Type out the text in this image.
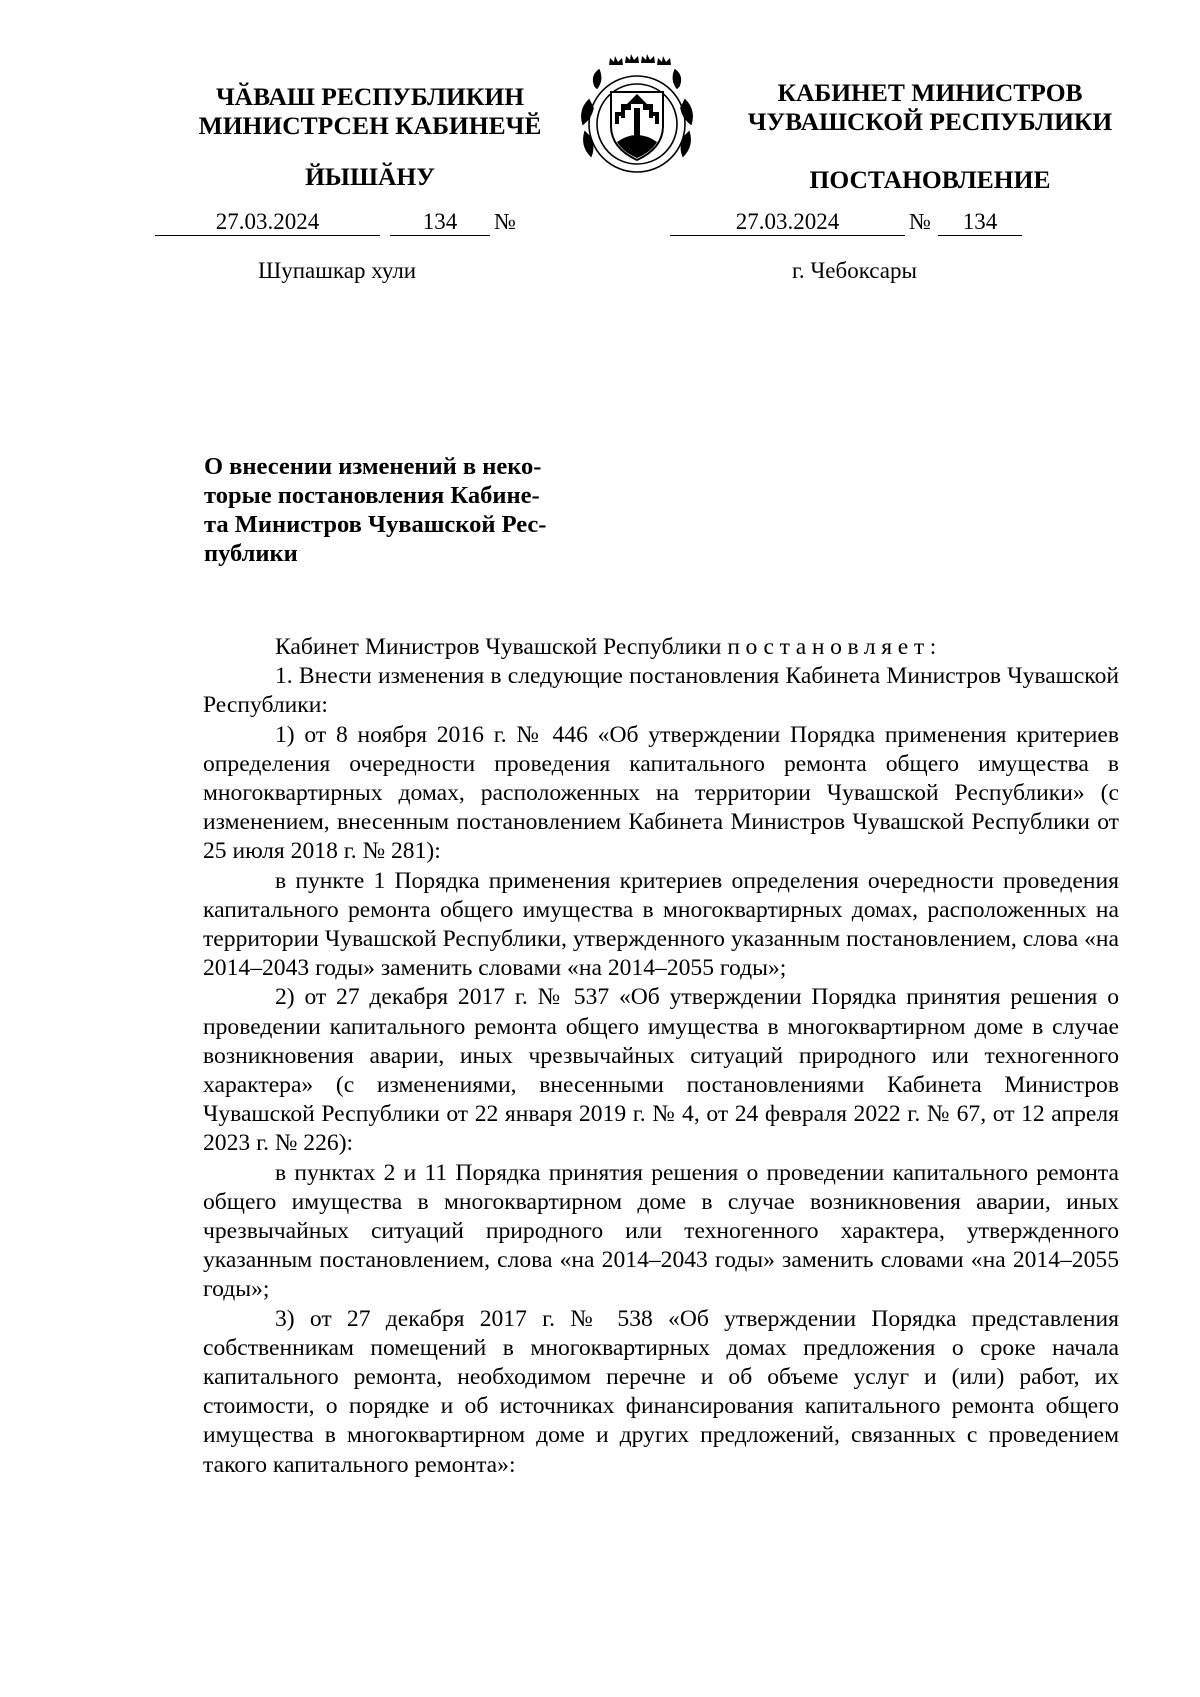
ЧӐВАШ РЕСПУБЛИКИН
МИНИСТРСЕН КАБИНЕЧӖ
ЙЫШӐНУ
КАБИНЕТ МИНИСТРОВ
ЧУВАШСКОЙ РЕСПУБЛИКИ
ПОСТАНОВЛЕНИЕ
27.03.2024	134	№	27.03.2024	№	134
Шупашкар хули	г. Чебоксары
О внесении изменений в неко-
торые постановления Кабине-
та Министров Чувашской Рес-
публики

Кабинет Министров Чувашской Республики постановляет:

1. Внести изменения в следующие постановления Кабинета Министров Чувашской Республики:

1) от 8 ноября 2016 г. № 446 «Об утверждении Порядка применения критериев определения очередности проведения капитального ремонта общего имущества в многоквартирных домах, расположенных на территории Чувашской Республики» (с изменением, внесенным постановлением Кабинета Министров Чувашской Республики от 25 июля 2018 г. № 281):

в пункте 1 Порядка применения критериев определения очередности проведения капитального ремонта общего имущества в многоквартирных домах, расположенных на территории Чувашской Республики, утвержденного указанным постановлением, слова «на 2014–2043 годы» заменить словами «на 2014–2055 годы»;

2) от 27 декабря 2017 г. № 537 «Об утверждении Порядка принятия решения о проведении капитального ремонта общего имущества в многоквартирном доме в случае возникновения аварии, иных чрезвычайных ситуаций природного или техногенного характера» (с изменениями, внесенными постановлениями Кабинета Министров Чувашской Республики от 22 января 2019 г. № 4, от 24 февраля 2022 г. № 67, от 12 апреля 2023 г. № 226):

в пунктах 2 и 11 Порядка принятия решения о проведении капитального ремонта общего имущества в многоквартирном доме в случае возникновения аварии, иных чрезвычайных ситуаций природного или техногенного характера, утвержденного указанным постановлением, слова «на 2014–2043 годы» заменить словами «на 2014–2055 годы»;

3) от 27 декабря 2017 г. № 538 «Об утверждении Порядка представления собственникам помещений в многоквартирных домах предложения о сроке начала капитального ремонта, необходимом перечне и об объеме услуг и (или) работ, их стоимости, о порядке и об источниках финансирования капитального ремонта общего имущества в многоквартирном доме и других предложений, связанных с проведением такого капитального ремонта»:
